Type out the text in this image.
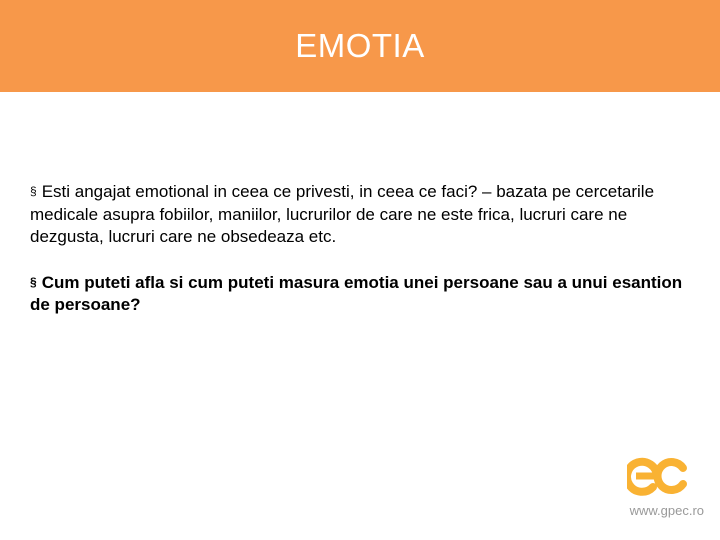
EMOTIA

§ Esti angajat emotional in ceea ce privesti, in ceea ce faci? – bazata pe cercetarile medicale asupra fobiilor, maniilor, lucrurilor de care ne este frica, lucruri care ne dezgusta, lucruri care ne obsedeaza etc.

§ Cum puteti afla si cum puteti masura emotia unei persoane sau a unui esantion de persoane?

www.gpec.ro
